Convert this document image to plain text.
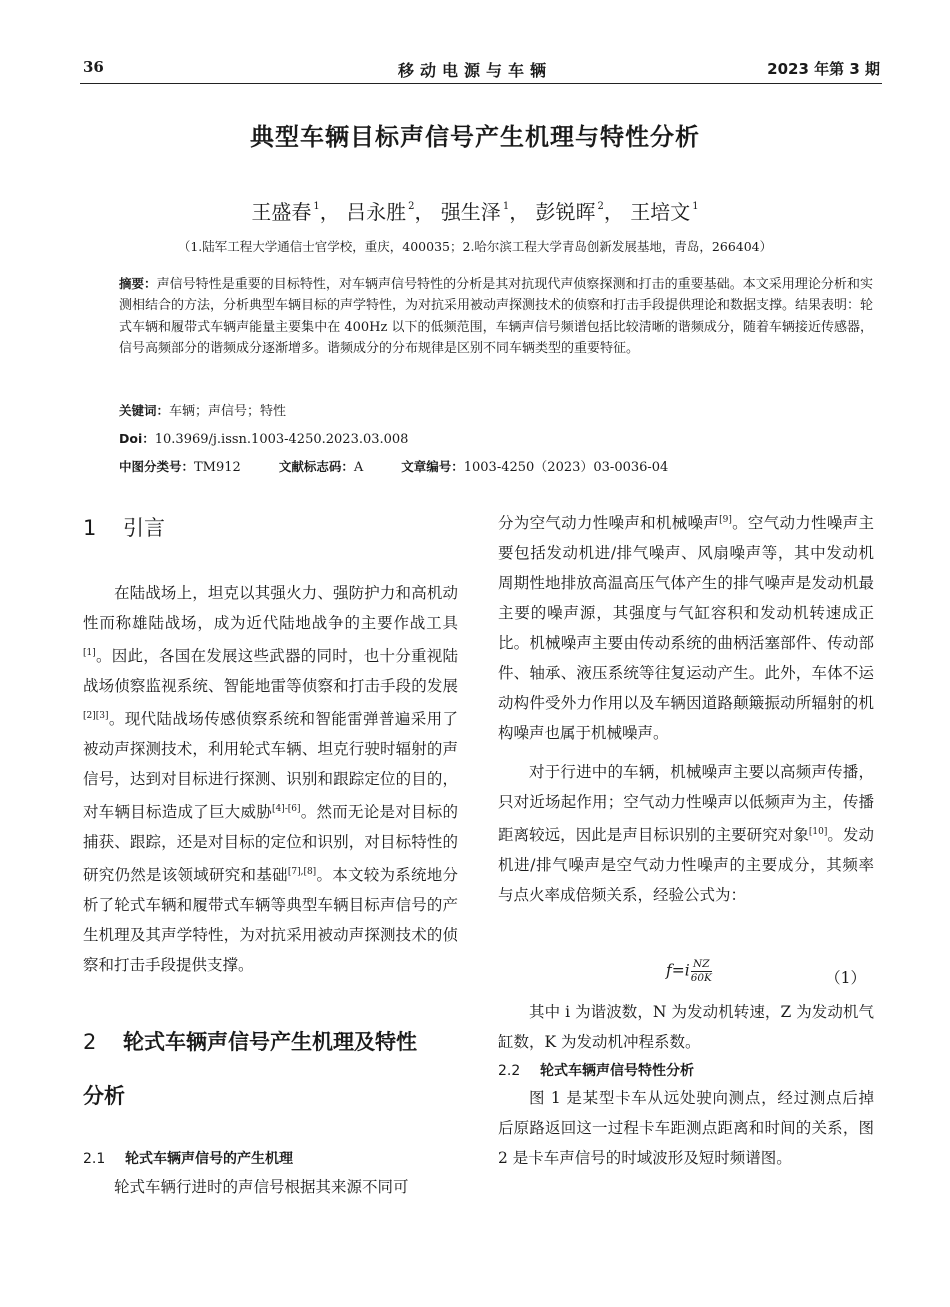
36	移动电源与车辆	2023 年第 3 期
典型车辆目标声信号产生机理与特性分析
王盛春 $^1$， 吕永胜 $^2$， 强生泽 $^1$， 彭锐晖 $^2$， 王培文 $^1$
（1.陆军工程大学通信士官学校，重庆，400035；2.哈尔滨工程大学青岛创新发展基地，青岛，266404）
摘要：声信号特性是重要的目标特性，对车辆声信号特性的分析是其对抗现代声侦察探测和打击的重要基础。本文采用理论分析和实测相结合的方法，分析典型车辆目标的声学特性，为对抗采用被动声探测技术的侦察和打击手段提供理论和数据支撑。结果表明：轮式车辆和履带式车辆声能量主要集中在 400Hz 以下的低频范围，车辆声信号频谱包括比较清晰的谐频成分，随着车辆接近传感器，信号高频部分的谐频成分逐渐增多。谐频成分的分布规律是区别不同车辆类型的重要特征。
关键词：车辆；声信号；特性
Doi：10.3969/j.issn.1003-4250.2023.03.008
中图分类号：TM912	文献标志码：A	文章编号：1003-4250（2023）03-0036-04
1 引言

在陆战场上，坦克以其强火力、强防护力和高机动性而称雄陆战场，成为近代陆地战争的主要作战工具[1]。因此，各国在发展这些武器的同时，也十分重视陆战场侦察监视系统、智能地雷等侦察和打击手段的发展[2][3]。现代陆战场传感侦察系统和智能雷弹普遍采用了被动声探测技术，利用轮式车辆、坦克行驶时辐射的声信号，达到对目标进行探测、识别和跟踪定位的目的，对车辆目标造成了巨大威胁[4]-[6]。然而无论是对目标的捕获、跟踪，还是对目标的定位和识别，对目标特性的研究仍然是该领域研究和基础[7],[8]。本文较为系统地分析了轮式车辆和履带式车辆等典型车辆目标声信号的产生机理及其声学特性，为对抗采用被动声探测技术的侦察和打击手段提供支撑。

2 轮式车辆声信号产生机理及特性
分析
2.1 轮式车辆声信号的产生机理

轮式车辆行进时的声信号根据其来源不同可

分为空气动力性噪声和机械噪声[9]。空气动力性噪声主要包括发动机进/排气噪声、风扇噪声等，其中发动机周期性地排放高温高压气体产生的排气噪声是发动机最主要的噪声源，其强度与气缸容积和发动机转速成正比。机械噪声主要由传动系统的曲柄活塞部件、传动部件、轴承、液压系统等往复运动产生。此外，车体不运动构件受外力作用以及车辆因道路颠簸振动所辐射的机构噪声也属于机械噪声。

对于行进中的车辆，机械噪声主要以高频声传播，只对近场起作用；空气动力性噪声以低频声为主，传播距离较远，因此是声目标识别的主要研究对象[10]。发动机进/排气噪声是空气动力性噪声的主要成分，其频率与点火率成倍频关系，经验公式为：

$f=i \frac{NZ}{60K}$	（1）

其中 i 为谐波数，N 为发动机转速，Z 为发动机气缸数，K 为发动机冲程系数。

2.2 轮式车辆声信号特性分析

图 1 是某型卡车从远处驶向测点，经过测点后掉后原路返回这一过程卡车距测点距离和时间的关系，图 2 是卡车声信号的时域波形及短时频谱图。
